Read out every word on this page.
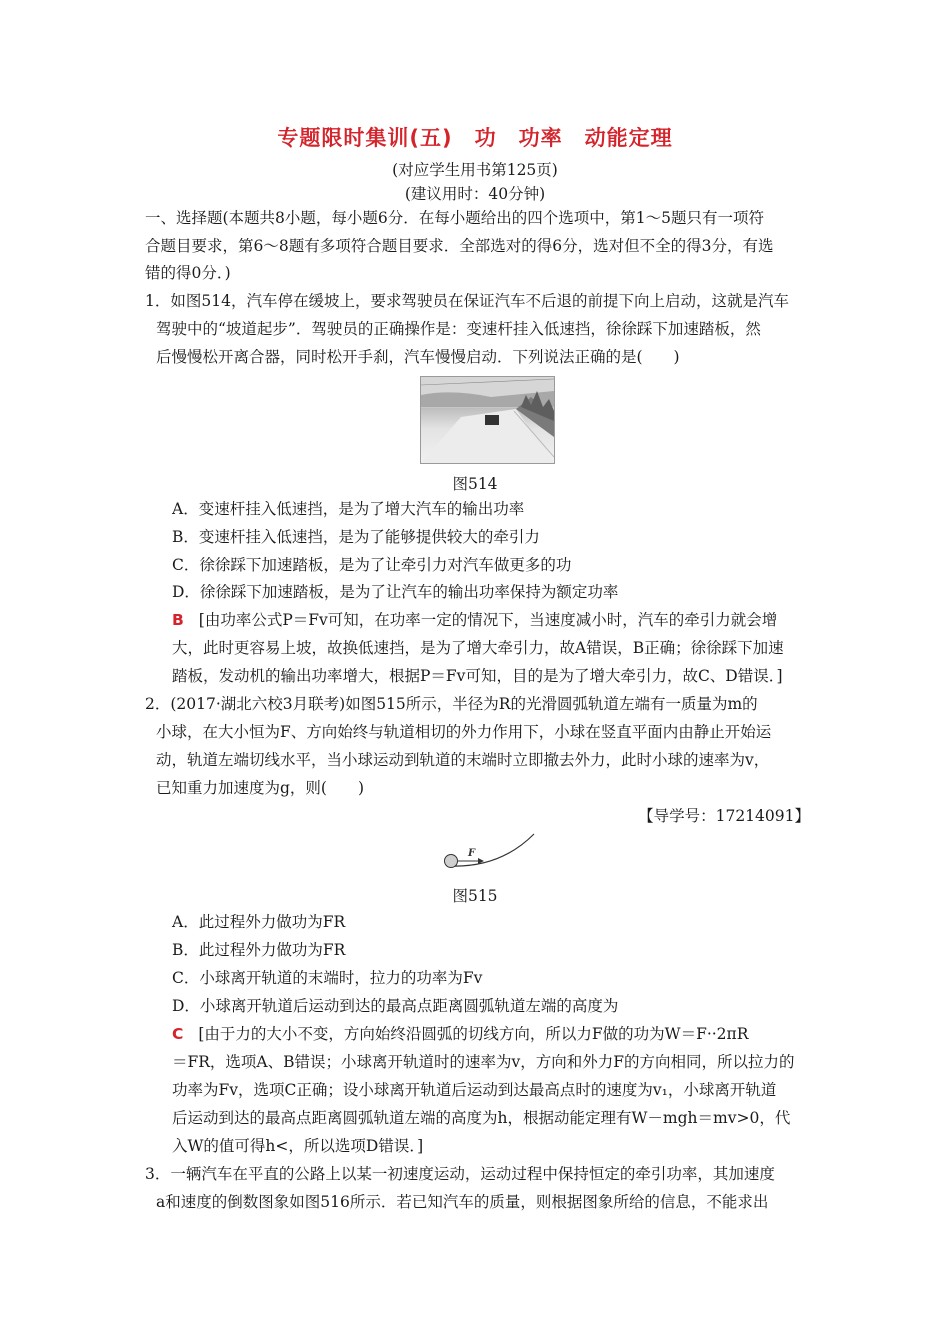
专题限时集训(五)　功　功率　动能定理
(对应学生用书第125页)
(建议用时：40分钟)
一、选择题(本题共8小题，每小题6分．在每小题给出的四个选项中，第1～5题只有一项符
合题目要求，第6～8题有多项符合题目要求．全部选对的得6分，选对但不全的得3分，有选
错的得0分．)
1．如图514，汽车停在缓坡上，要求驾驶员在保证汽车不后退的前提下向上启动，这就是汽车
驾驶中的“坡道起步”．驾驶员的正确操作是：变速杆挂入低速挡，徐徐踩下加速踏板，然
后慢慢松开离合器，同时松开手刹，汽车慢慢启动．下列说法正确的是(　　)
图514
A．变速杆挂入低速挡，是为了增大汽车的输出功率
B．变速杆挂入低速挡，是为了能够提供较大的牵引力
C．徐徐踩下加速踏板，是为了让牵引力对汽车做更多的功
D．徐徐踩下加速踏板，是为了让汽车的输出功率保持为额定功率
B [由功率公式P＝Fv可知，在功率一定的情况下，当速度减小时，汽车的牵引力就会增
大，此时更容易上坡，故换低速挡，是为了增大牵引力，故A错误，B正确；徐徐踩下加速
踏板，发动机的输出功率增大，根据P＝Fv可知，目的是为了增大牵引力，故C、D错误．]
2．(2017·湖北六校3月联考)如图515所示，半径为R的光滑圆弧轨道左端有一质量为m的
小球，在大小恒为F、方向始终与轨道相切的外力作用下，小球在竖直平面内由静止开始运
动，轨道左端切线水平，当小球运动到轨道的末端时立即撤去外力，此时小球的速率为v，
已知重力加速度为g，则(　　)
【导学号：17214091】
F
图515
A．此过程外力做功为FR
B．此过程外力做功为FR
C．小球离开轨道的末端时，拉力的功率为Fv
D．小球离开轨道后运动到达的最高点距离圆弧轨道左端的高度为
C [由于力的大小不变，方向始终沿圆弧的切线方向，所以力F做的功为W＝F··2πR
＝FR，选项A、B错误；小球离开轨道时的速率为v，方向和外力F的方向相同，所以拉力的
功率为Fv，选项C正确；设小球离开轨道后运动到达最高点时的速度为v₁，小球离开轨道
后运动到达的最高点距离圆弧轨道左端的高度为h，根据动能定理有W－mgh＝mv>0，代
入W的值可得h<，所以选项D错误．]
3．一辆汽车在平直的公路上以某一初速度运动，运动过程中保持恒定的牵引功率，其加速度
a和速度的倒数图象如图516所示．若已知汽车的质量，则根据图象所给的信息，不能求出
